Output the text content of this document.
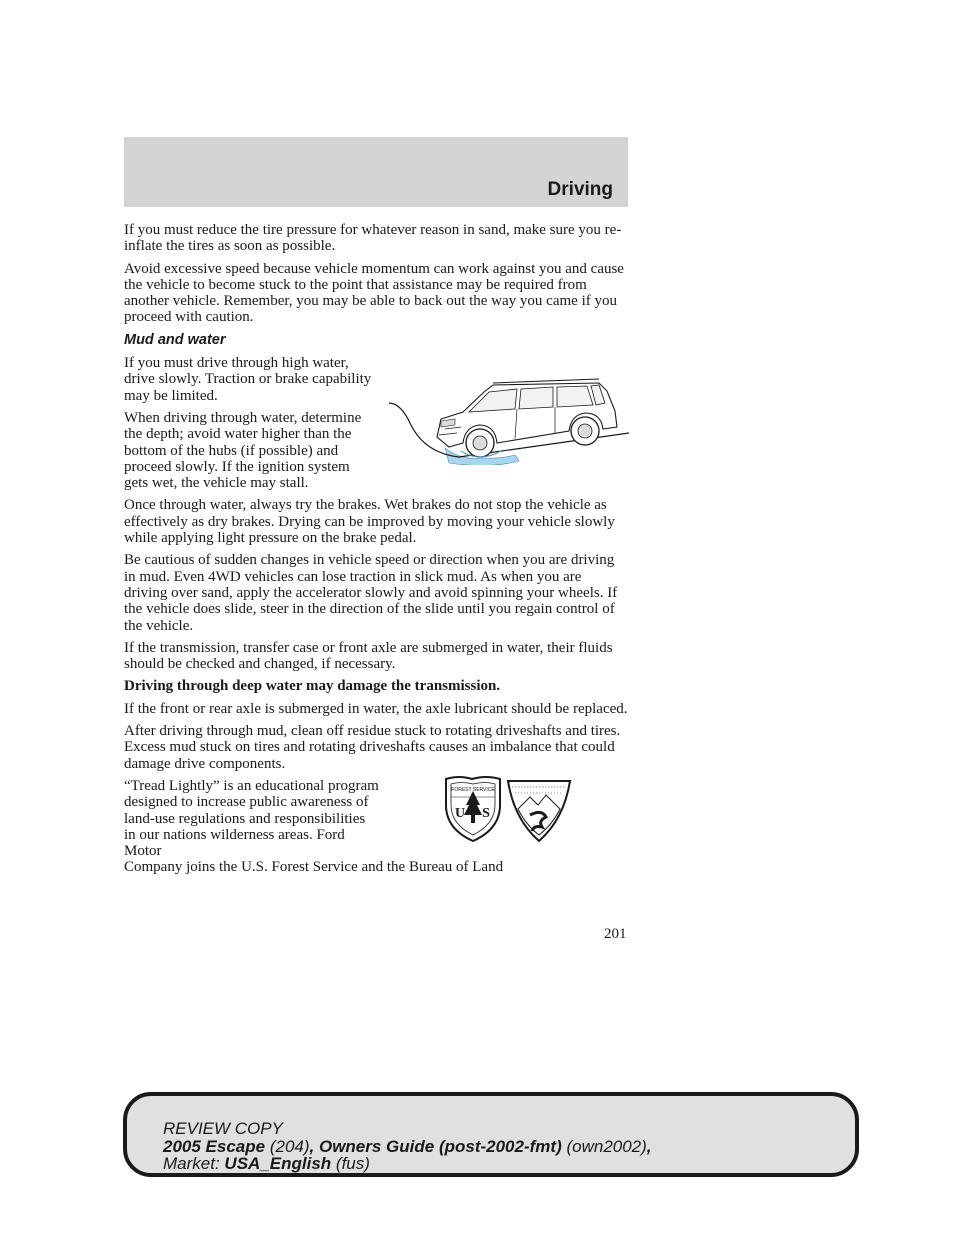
Driving

If you must reduce the tire pressure for whatever reason in sand, make sure you re-inflate the tires as soon as possible.

Avoid excessive speed because vehicle momentum can work against you and cause the vehicle to become stuck to the point that assistance may be required from another vehicle. Remember, you may be able to back out the way you came if you proceed with caution.

Mud and water

If you must drive through high water, drive slowly. Traction or brake capability may be limited.

When driving through water, determine the depth; avoid water higher than the bottom of the hubs (if possible) and proceed slowly. If the ignition system gets wet, the vehicle may stall.

Once through water, always try the brakes. Wet brakes do not stop the vehicle as effectively as dry brakes. Drying can be improved by moving your vehicle slowly while applying light pressure on the brake pedal.

Be cautious of sudden changes in vehicle speed or direction when you are driving in mud. Even 4WD vehicles can lose traction in slick mud. As when you are driving over sand, apply the accelerator slowly and avoid spinning your wheels. If the vehicle does slide, steer in the direction of the slide until you regain control of the vehicle.

If the transmission, transfer case or front axle are submerged in water, their fluids should be checked and changed, if necessary.

Driving through deep water may damage the transmission.

If the front or rear axle is submerged in water, the axle lubricant should be replaced.

After driving through mud, clean off residue stuck to rotating driveshafts and tires. Excess mud stuck on tires and rotating driveshafts causes an imbalance that could damage drive components.

“Tread Lightly” is an educational program designed to increase public awareness of land-use regulations and responsibilities in our nations wilderness areas. Ford Motor

FOREST SERVICE
U S

Company joins the U.S. Forest Service and the Bureau of Land

201
REVIEW COPY
2005 Escape (204), Owners Guide (post-2002-fmt) (own2002),
Market: USA_English (fus)
